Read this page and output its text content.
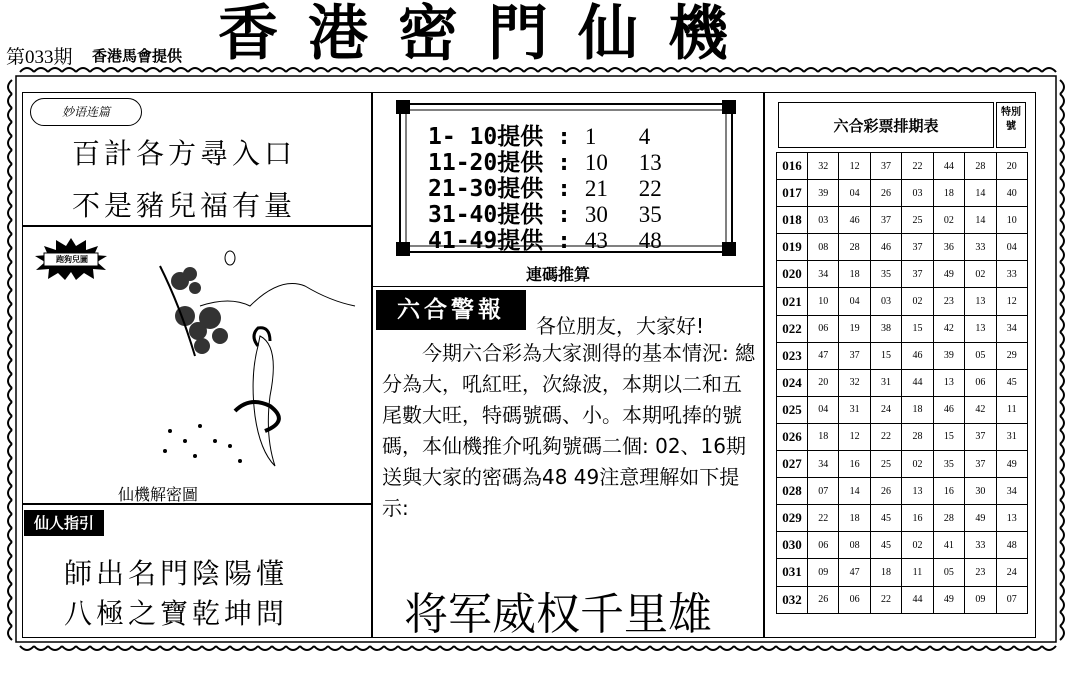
第033期 香港馬會提供 香港密門仙機
妙语连篇
百計各方尋入口
不是豬兒福有量
跑狗兒圖
仙機解密圖
仙人指引
師出名門陰陽懂
八極之寶乾坤問
1- 10提供 : 1 4
11-20提供 : 10 13
21-30提供 : 21 22
31-40提供 : 30 35
41-49提供 : 43 48
連碼推算
六合警報
各位朋友，大家好!
　　今期六合彩為大家測得的基本情況: 總分為大，吼紅旺，次綠波，本期以二和五尾數大旺，特碼號碼、小。本期吼捧的號碼，本仙機推介吼夠號碼二個: 02、16期送與大家的密碼為48 49注意理解如下提示:
将军威权千里雄
六合彩票排期表
特別號
016	32	12	37	22	44	28	20
017	39	04	26	03	18	14	40
018	03	46	37	25	02	14	10
019	08	28	46	37	36	33	04
020	34	18	35	37	49	02	33
021	10	04	03	02	23	13	12
022	06	19	38	15	42	13	34
023	47	37	15	46	39	05	29
024	20	32	31	44	13	06	45
025	04	31	24	18	46	42	11
026	18	12	22	28	15	37	31
027	34	16	25	02	35	37	49
028	07	14	26	13	16	30	34
029	22	18	45	16	28	49	13
030	06	08	45	02	41	33	48
031	09	47	18	11	05	23	24
032	26	06	22	44	49	09	07
